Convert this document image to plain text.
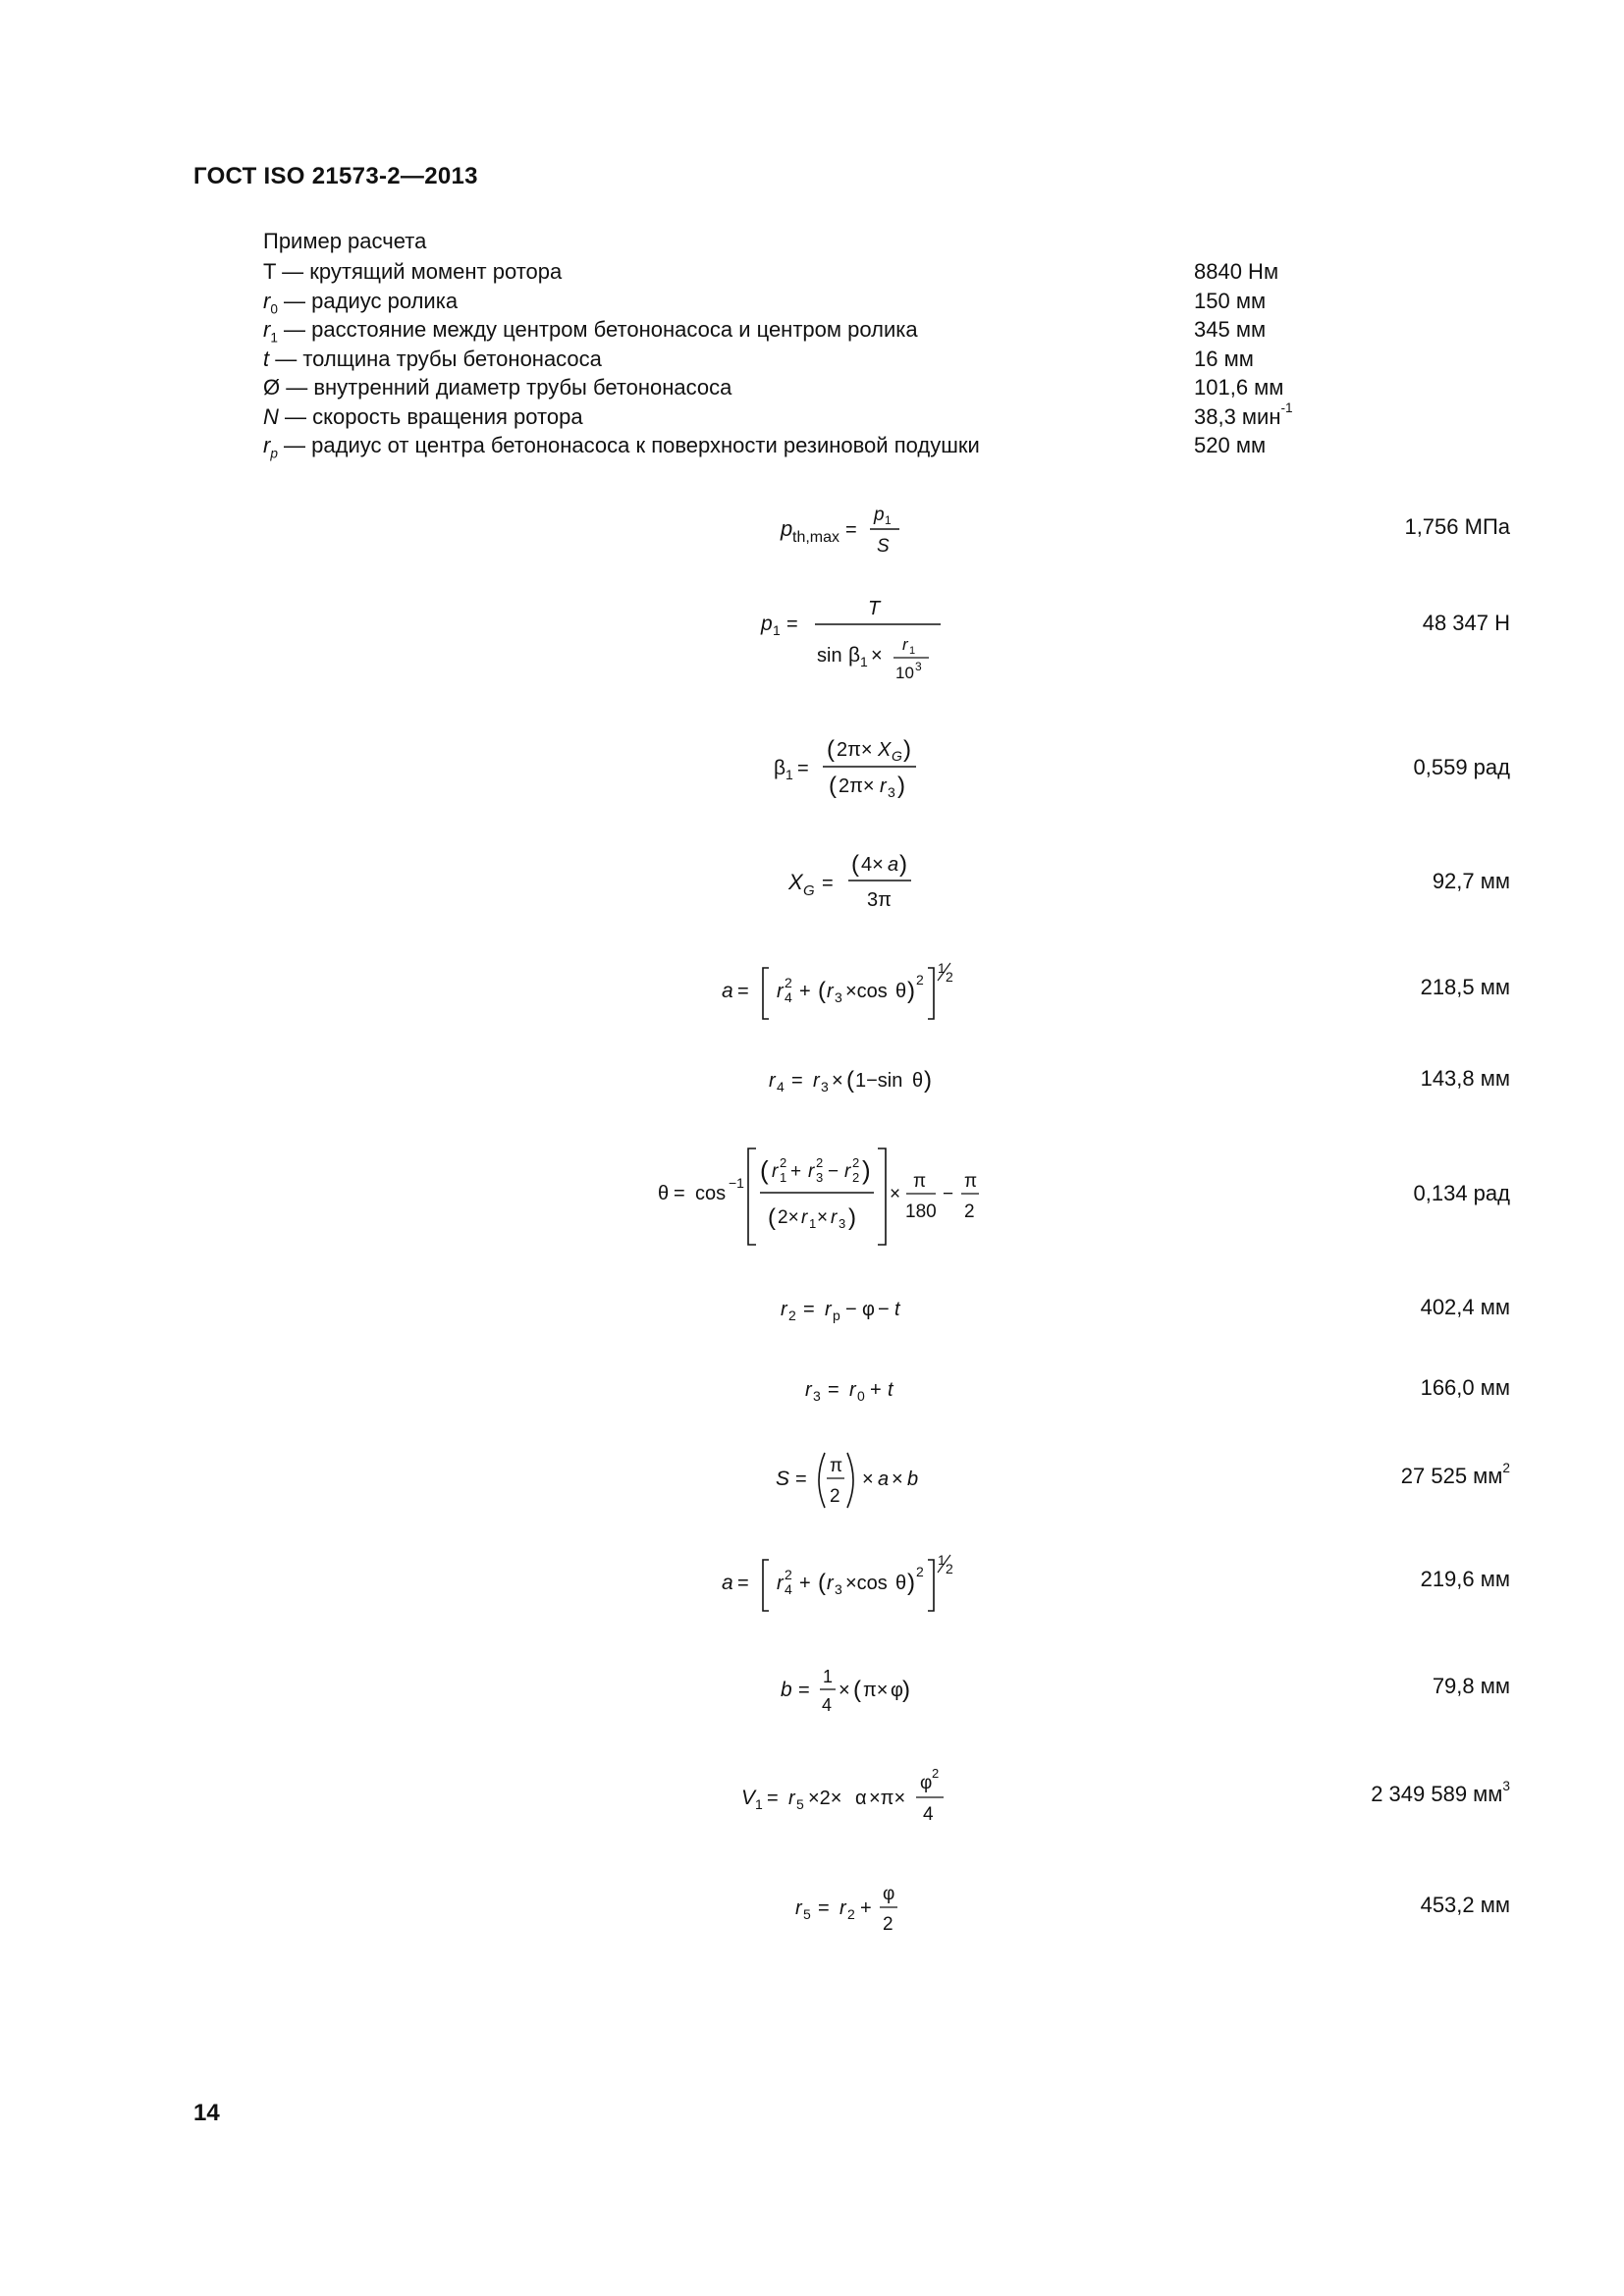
ГОСТ ISO 21573-2—2013
Пример расчета
T — крутящий момент ротора	8840 Нм
$r_0$ — радиус ролика	150 мм
$r_1$ — расстояние между центром бетононасоса и центром ролика	345 мм
t — толщина трубы бетононасоса	16 мм
Ø — внутренний диаметр трубы бетононасоса	101,6 мм
N — скорость вращения ротора	38,3 мин$^{-1}$
$r_p$ — радиус от центра бетононасоса к поверхности резиновой подушки	520 мм
p th,max =
p 1
S
1,756 МПа
p 1 =
T
sin β 1 ×
r 1
10 3
48 347 Н
β 1 =
( 2π× X G )
( 2π× r 3 )
0,559 рад
X G =
( 4× a )
3π
92,7 мм
a = r 4
2 + ( r 3 ×cos θ ) 2
1
2	218,5 мм
r 4 = r 3 × ( 1−sin θ )	143,8 мм
θ = cos −1 ( r 1
2 + r 3
2 − r 2
2 )
( 2× r 1 × r 3 )
×
π
180
−
π
2
0,134 рад
r 2 = r p − φ − t	402,4 мм
r 3 = r 0 + t	166,0 мм
S =
π
2
× a × b	27 525 $мм^2$
a = r 4
2 + ( r 3 ×cos θ ) 2
1
2	219,6 мм
b =
1
4
× ( π× φ )	79,8 мм
V 1 = r 5 ×2× α ×π×
φ 2
4
2 349 589 $мм^3$
r 5 = r 2 +
φ
2
453,2 мм
14
